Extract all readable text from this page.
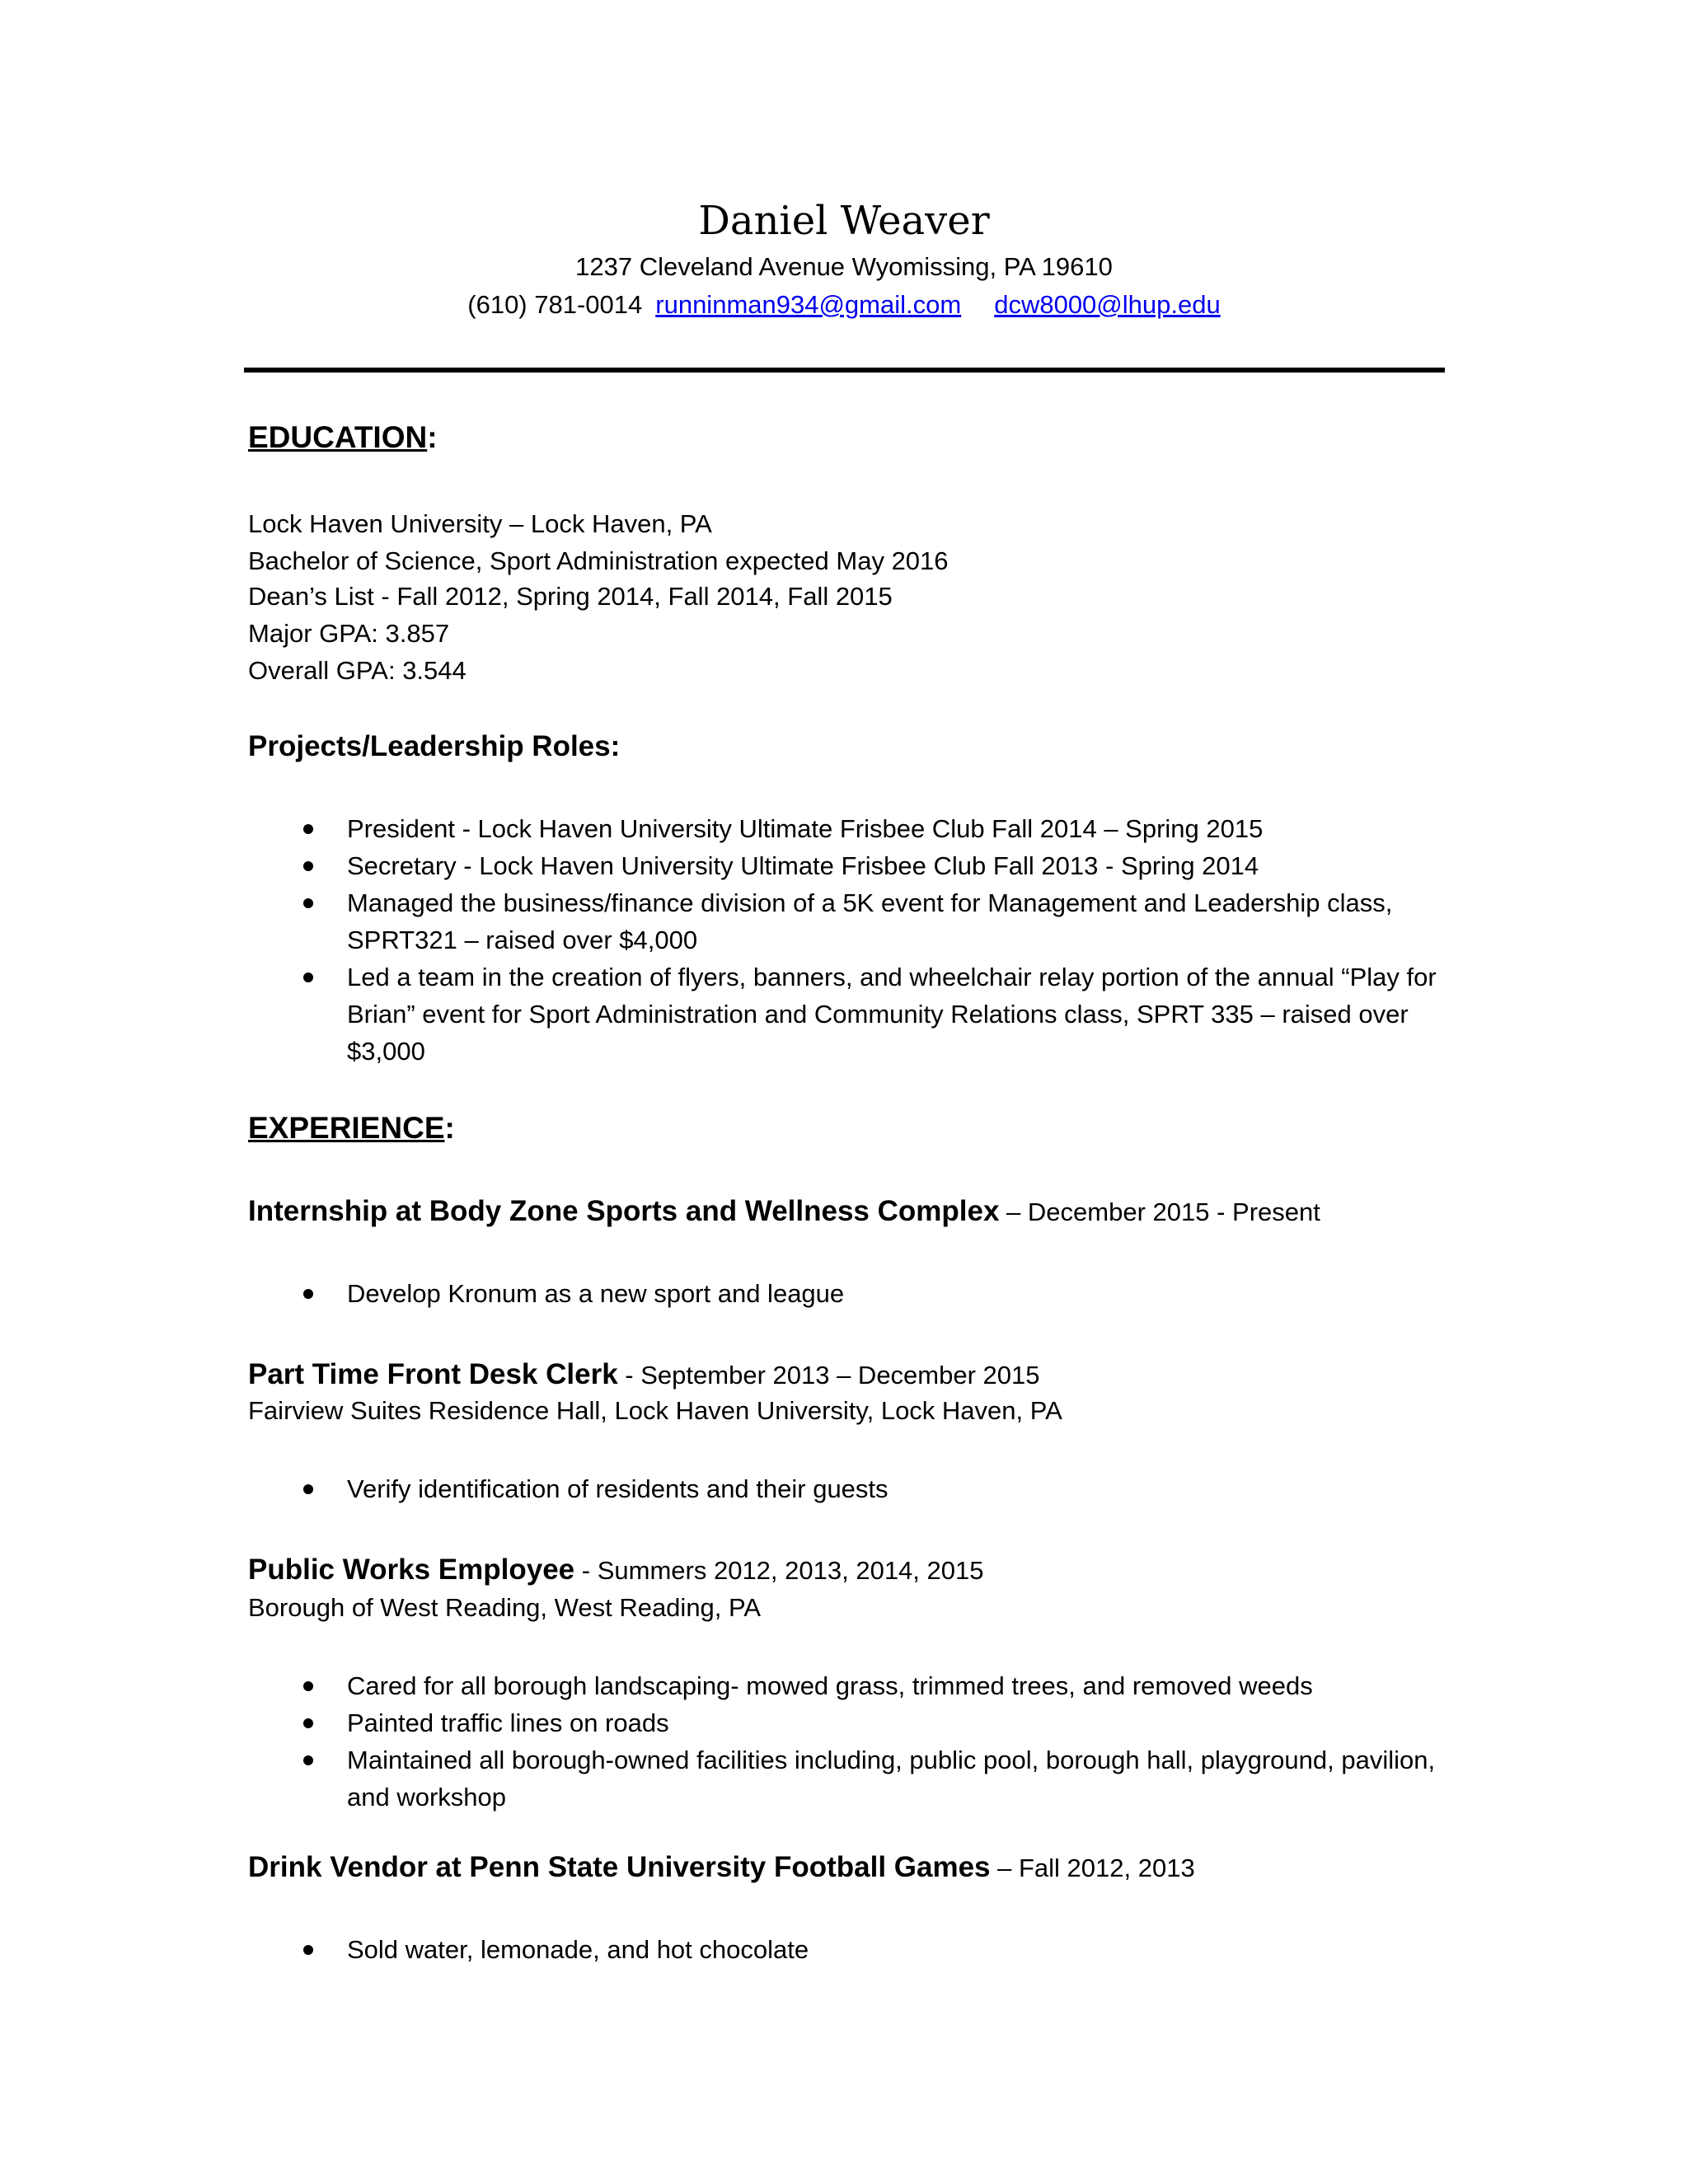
Daniel Weaver
1237 Cleveland Avenue Wyomissing, PA 19610
(610) 781-0014 runninman934@gmail.com dcw8000@lhup.edu
EDUCATION:
Lock Haven University – Lock Haven, PA
Bachelor of Science, Sport Administration expected May 2016
Dean’s List - Fall 2012, Spring 2014, Fall 2014, Fall 2015
Major GPA: 3.857
Overall GPA: 3.544
Projects/Leadership Roles:
President - Lock Haven University Ultimate Frisbee Club Fall 2014 – Spring 2015
Secretary - Lock Haven University Ultimate Frisbee Club Fall 2013 - Spring 2014
Managed the business/finance division of a 5K event for Management and Leadership class, SPRT321 – raised over $4,000
Led a team in the creation of flyers, banners, and wheelchair relay portion of the annual “Play for Brian” event for Sport Administration and Community Relations class, SPRT 335 – raised over $3,000
EXPERIENCE:
Internship at Body Zone Sports and Wellness Complex – December 2015 - Present
Develop Kronum as a new sport and league
Part Time Front Desk Clerk - September 2013 – December 2015
Fairview Suites Residence Hall, Lock Haven University, Lock Haven, PA
Verify identification of residents and their guests
Public Works Employee - Summers 2012, 2013, 2014, 2015
Borough of West Reading, West Reading, PA
Cared for all borough landscaping- mowed grass, trimmed trees, and removed weeds
Painted traffic lines on roads
Maintained all borough-owned facilities including, public pool, borough hall, playground, pavilion, and workshop
Drink Vendor at Penn State University Football Games – Fall 2012, 2013
Sold water, lemonade, and hot chocolate
